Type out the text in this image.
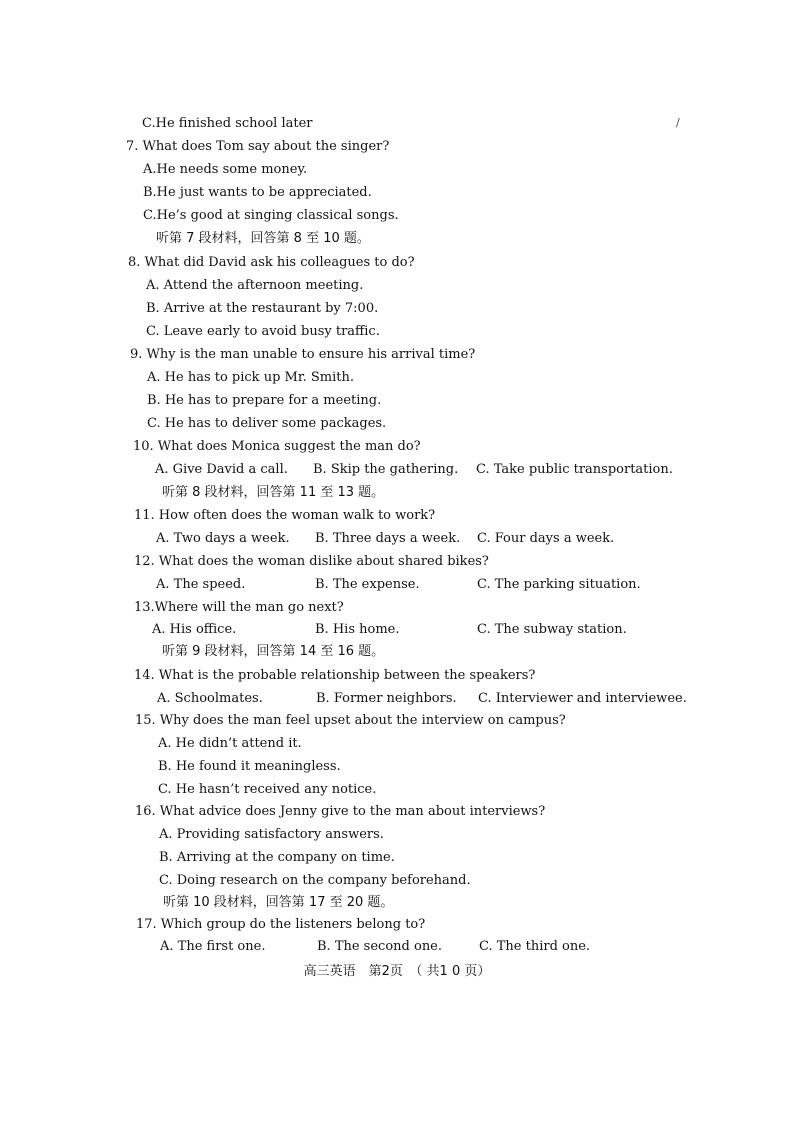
C.He finished school later	/
7. What does Tom say about the singer?
A.He needs some money.
B.He just wants to be appreciated.
C.He’s good at singing classical songs.
听第 7 段材料，回答第 8 至 10 题。
8. What did David ask his colleagues to do?
A. Attend the afternoon meeting.
B. Arrive at the restaurant by 7:00.
C. Leave early to avoid busy traffic.
9. Why is the man unable to ensure his arrival time?
A. He has to pick up Mr. Smith.
B. He has to prepare for a meeting.
C. He has to deliver some packages.
10. What does Monica suggest the man do?
A. Give David a call. B. Skip the gathering. C. Take public transportation.
听第 8 段材料，回答第 11 至 13 题。
11. How often does the woman walk to work?
A. Two days a week. B. Three days a week. C. Four days a week.
12. What does the woman dislike about shared bikes?
A. The speed.	B. The expense.	C. The parking situation.
13.Where will the man go next?
A. His office.	B. His home.	C. The subway station.
听第 9 段材料，回答第 14 至 16 题。
14. What is the probable relationship between the speakers?
A. Schoolmates.	B. Former neighbors. C. Interviewer and interviewee.
15. Why does the man feel upset about the interview on campus?
A. He didn’t attend it.
B. He found it meaningless.
C. He hasn’t received any notice.
16. What advice does Jenny give to the man about interviews?
A. Providing satisfactory answers.
B. Arriving at the company on time.
C. Doing research on the company beforehand.
听第 10 段材料，回答第 17 至 20 题。
17. Which group do the listeners belong to?
A. The first one.	B. The second one.	C. The third one.
高三英语　第2页　（ 共1 0 页）
